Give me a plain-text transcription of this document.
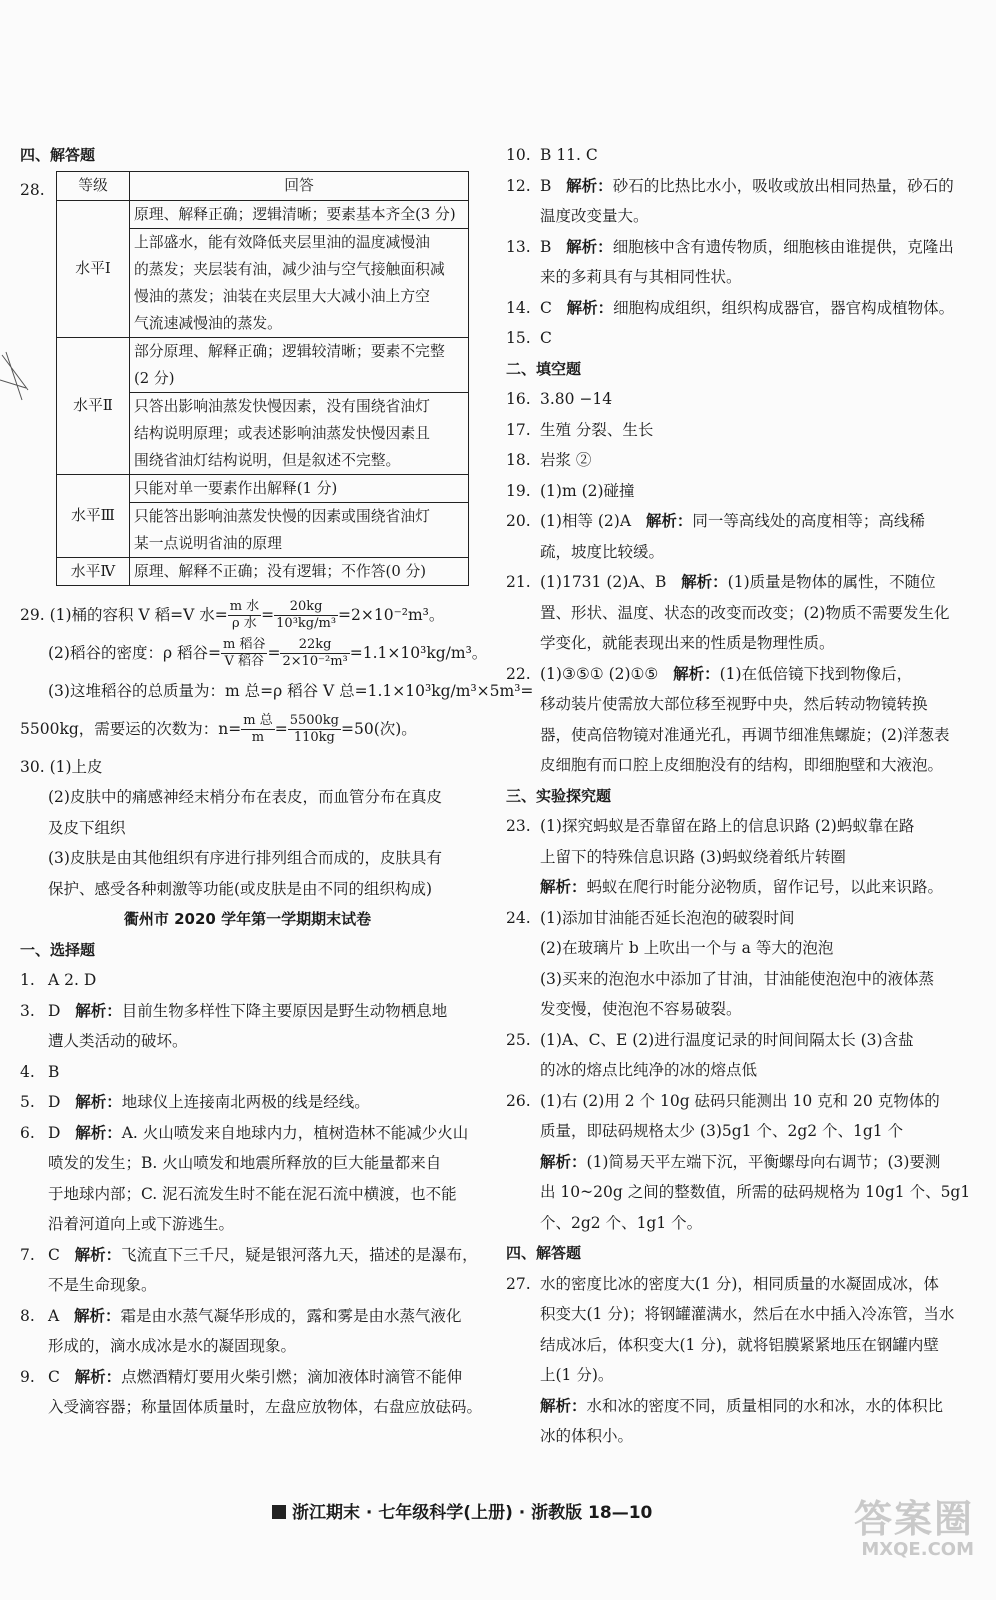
四、解答题
28.	等级	回答
水平Ⅰ	原理、解释正确；逻辑清晰；要素基本齐全(3 分)
上部盛水，能有效降低夹层里油的温度减慢油
的蒸发；夹层装有油，减少油与空气接触面积减
慢油的蒸发；油装在夹层里大大减小油上方空
气流速减慢油的蒸发。

水平Ⅱ	部分原理、解释正确；逻辑较清晰；要素不完整
(2 分)
只答出影响油蒸发快慢因素，没有围绕省油灯
结构说明原理；或表述影响油蒸发快慢因素且
围绕省油灯结构说明，但是叙述不完整。

水平Ⅲ	只能对单一要素作出解释(1 分)
只能答出影响油蒸发快慢的因素或围绕省油灯
某一点说明省油的原理

水平Ⅳ	原理、解释不正确；没有逻辑；不作答(0 分)
29. (1)桶的容积 V 稻=V 水= m 水
ρ 水 = $\frac{20kg}{\text{10³kg/m³}} =2\times 10^{-2}m^3$。
(2)稻谷的密度：ρ 稻谷= m 稻谷
V 稻谷 = $\frac{22kg}{\text{2×10⁻²m³}} =1.1\times 10^3kg/m^3$。
(3)这堆稻谷的总质量为：m 总=ρ 稻谷 V 总=1.1×10³kg/m³×5m³=
5500kg，需要运的次数为：n= m 总
$m = \frac{5500kg}{110kg} =50$(次)。
30. (1)上皮
(2)皮肤中的痛感神经末梢分布在表皮，而血管分布在真皮
及皮下组织
(3)皮肤是由其他组织有序进行排列组合而成的，皮肤具有
保护、感受各种刺激等功能(或皮肤是由不同的组织构成)
衢州市 2020 学年第一学期期末试卷
一、选择题
1. A 2. D
3. D 解析：目前生物多样性下降主要原因是野生动物栖息地
遭人类活动的破坏。
4. B
5. D 解析：地球仪上连接南北两极的线是经线。
6. D 解析：A. 火山喷发来自地球内力，植树造林不能减少火山
喷发的发生；B. 火山喷发和地震所释放的巨大能量都来自
于地球内部；C. 泥石流发生时不能在泥石流中横渡，也不能
沿着河道向上或下游逃生。
7. C 解析：飞流直下三千尺，疑是银河落九天，描述的是瀑布，
不是生命现象。
8. A 解析：霜是由水蒸气凝华形成的，露和雾是由水蒸气液化
形成的，滴水成冰是水的凝固现象。
9. C 解析：点燃酒精灯要用火柴引燃；滴加液体时滴管不能伸
入受滴容器；称量固体质量时，左盘应放物体，右盘应放砝码。
10. B 11. C
12. B 解析：砂石的比热比水小，吸收或放出相同热量，砂石的
温度改变量大。
13. B 解析：细胞核中含有遗传物质，细胞核由谁提供，克隆出
来的多莉具有与其相同性状。
14. C 解析：细胞构成组织，组织构成器官，器官构成植物体。
15. C
二、填空题
16. 3.80 −14
17. 生殖 分裂、生长
18. 岩浆 ②
19. (1)m (2)碰撞
20. (1)相等 (2)A 解析：同一等高线处的高度相等；高线稀
疏，坡度比较缓。
21. (1)1731 (2)A、B 解析：(1)质量是物体的属性，不随位
置、形状、温度、状态的改变而改变；(2)物质不需要发生化
学变化，就能表现出来的性质是物理性质。
22. (1)③⑤① (2)①⑤ 解析：(1)在低倍镜下找到物像后，
移动装片使需放大部位移至视野中央，然后转动物镜转换
器，使高倍物镜对准通光孔，再调节细准焦螺旋；(2)洋葱表
皮细胞有而口腔上皮细胞没有的结构，即细胞壁和大液泡。
三、实验探究题
23. (1)探究蚂蚁是否靠留在路上的信息识路 (2)蚂蚁靠在路
上留下的特殊信息识路 (3)蚂蚁绕着纸片转圈
解析：蚂蚁在爬行时能分泌物质，留作记号，以此来识路。
24. (1)添加甘油能否延长泡泡的破裂时间
(2)在玻璃片 b 上吹出一个与 a 等大的泡泡
(3)买来的泡泡水中添加了甘油，甘油能使泡泡中的液体蒸
发变慢，使泡泡不容易破裂。
25. (1)A、C、E (2)进行温度记录的时间间隔太长 (3)含盐
的冰的熔点比纯净的冰的熔点低
26. (1)右 (2)用 2 个 10g 砝码只能测出 10 克和 20 克物体的
质量，即砝码规格太少 (3)5g1 个、2g2 个、1g1 个
解析：(1)简易天平左端下沉，平衡螺母向右调节；(3)要测
出 10~20g 之间的整数值，所需的砝码规格为 10g1 个、5g1
个、2g2 个、1g1 个。
四、解答题
27. 水的密度比冰的密度大(1 分)，相同质量的水凝固成冰，体
积变大(1 分)；将钢罐灌满水，然后在水中插入冷冻管，当水
结成冰后，体积变大(1 分)，就将铝膜紧紧地压在钢罐内壁
上(1 分)。
解析：水和冰的密度不同，质量相同的水和冰，水的体积比
冰的体积小。
浙江期末 · 七年级科学(上册) · 浙教版 18—10	答案圈
MXQE.COM
